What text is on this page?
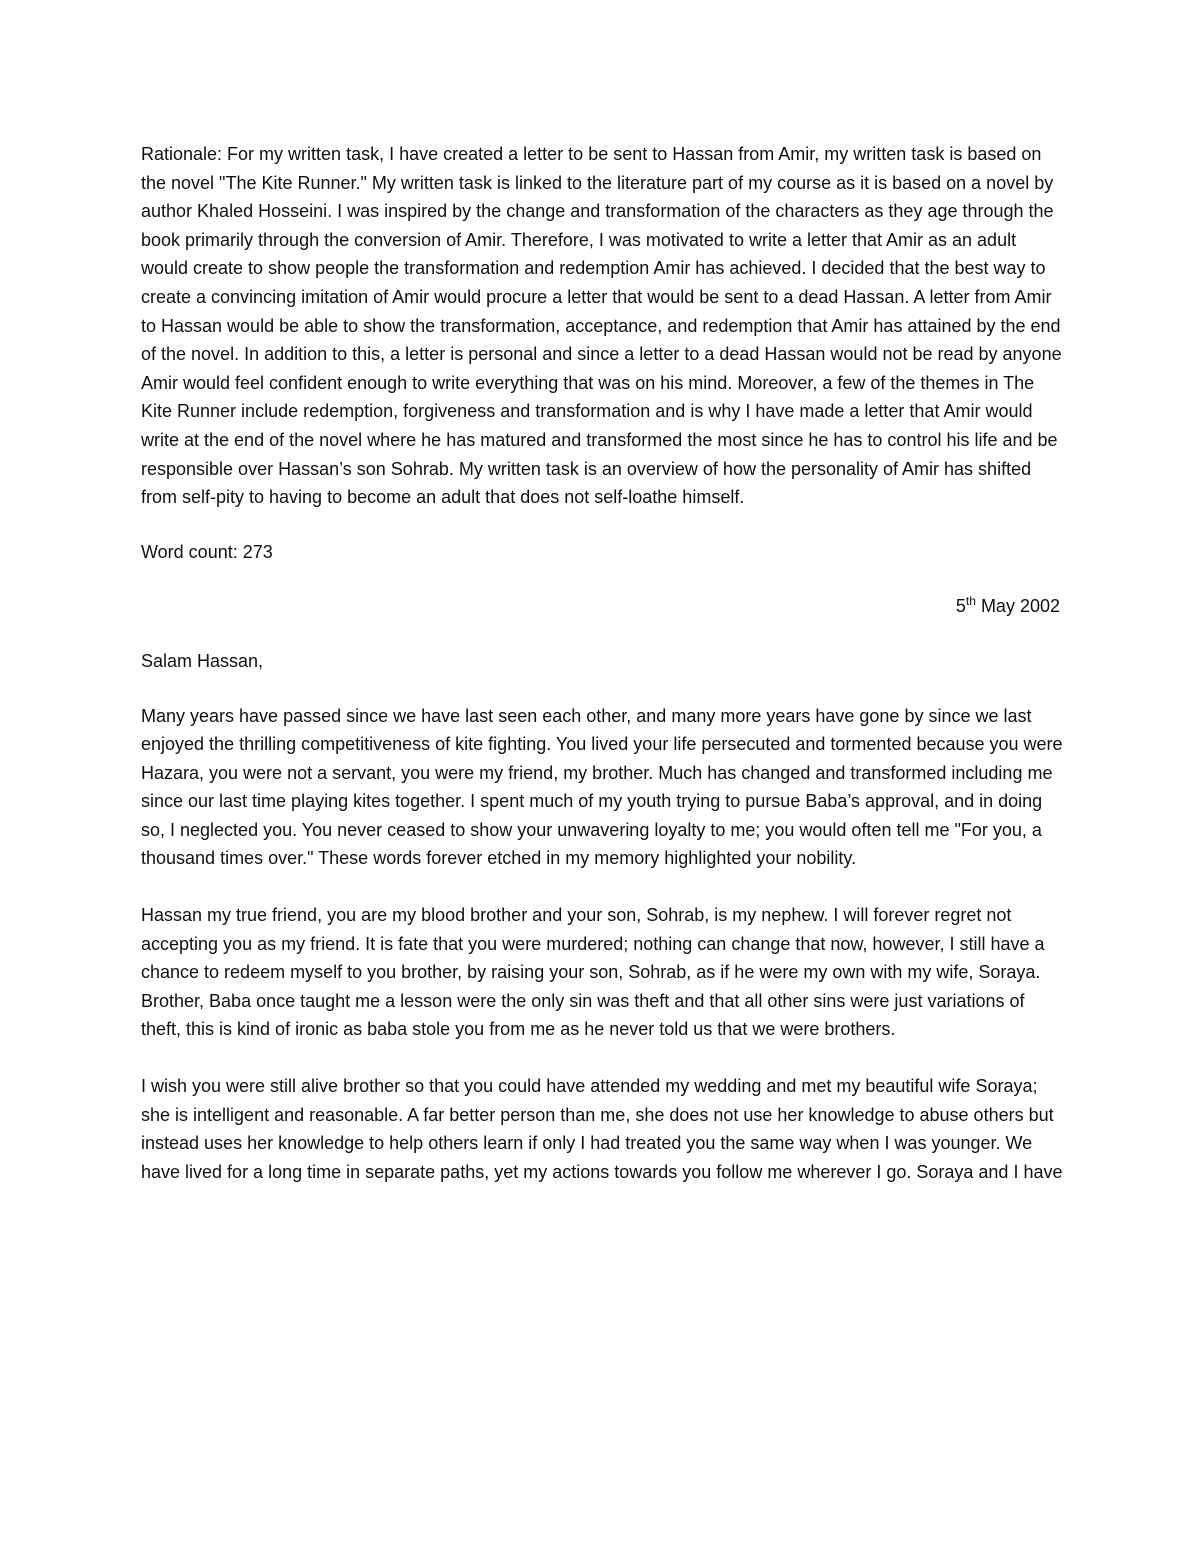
Rationale: For my written task, I have created a letter to be sent to Hassan from Amir, my written task is based on the novel "The Kite Runner." My written task is linked to the literature part of my course as it is based on a novel by author Khaled Hosseini. I was inspired by the change and transformation of the characters as they age through the book primarily through the conversion of Amir. Therefore, I was motivated to write a letter that Amir as an adult would create to show people the transformation and redemption Amir has achieved. I decided that the best way to create a convincing imitation of Amir would procure a letter that would be sent to a dead Hassan. A letter from Amir to Hassan would be able to show the transformation, acceptance, and redemption that Amir has attained by the end of the novel. In addition to this, a letter is personal and since a letter to a dead Hassan would not be read by anyone Amir would feel confident enough to write everything that was on his mind. Moreover, a few of the themes in The Kite Runner include redemption, forgiveness and transformation and is why I have made a letter that Amir would write at the end of the novel where he has matured and transformed the most since he has to control his life and be responsible over Hassan’s son Sohrab. My written task is an overview of how the personality of Amir has shifted from self-pity to having to become an adult that does not self-loathe himself.

Word count: 273

5th May 2002

Salam Hassan,

Many years have passed since we have last seen each other, and many more years have gone by since we last enjoyed the thrilling competitiveness of kite fighting. You lived your life persecuted and tormented because you were Hazara, you were not a servant, you were my friend, my brother. Much has changed and transformed including me since our last time playing kites together. I spent much of my youth trying to pursue Baba’s approval, and in doing so, I neglected you. You never ceased to show your unwavering loyalty to me; you would often tell me "For you, a thousand times over." These words forever etched in my memory highlighted your nobility.

Hassan my true friend, you are my blood brother and your son, Sohrab, is my nephew. I will forever regret not accepting you as my friend. It is fate that you were murdered; nothing can change that now, however, I still have a chance to redeem myself to you brother, by raising your son, Sohrab, as if he were my own with my wife, Soraya. Brother, Baba once taught me a lesson were the only sin was theft and that all other sins were just variations of theft, this is kind of ironic as baba stole you from me as he never told us that we were brothers.

I wish you were still alive brother so that you could have attended my wedding and met my beautiful wife Soraya; she is intelligent and reasonable. A far better person than me, she does not use her knowledge to abuse others but instead uses her knowledge to help others learn if only I had treated you the same way when I was younger. We have lived for a long time in separate paths, yet my actions towards you follow me wherever I go. Soraya and I have
